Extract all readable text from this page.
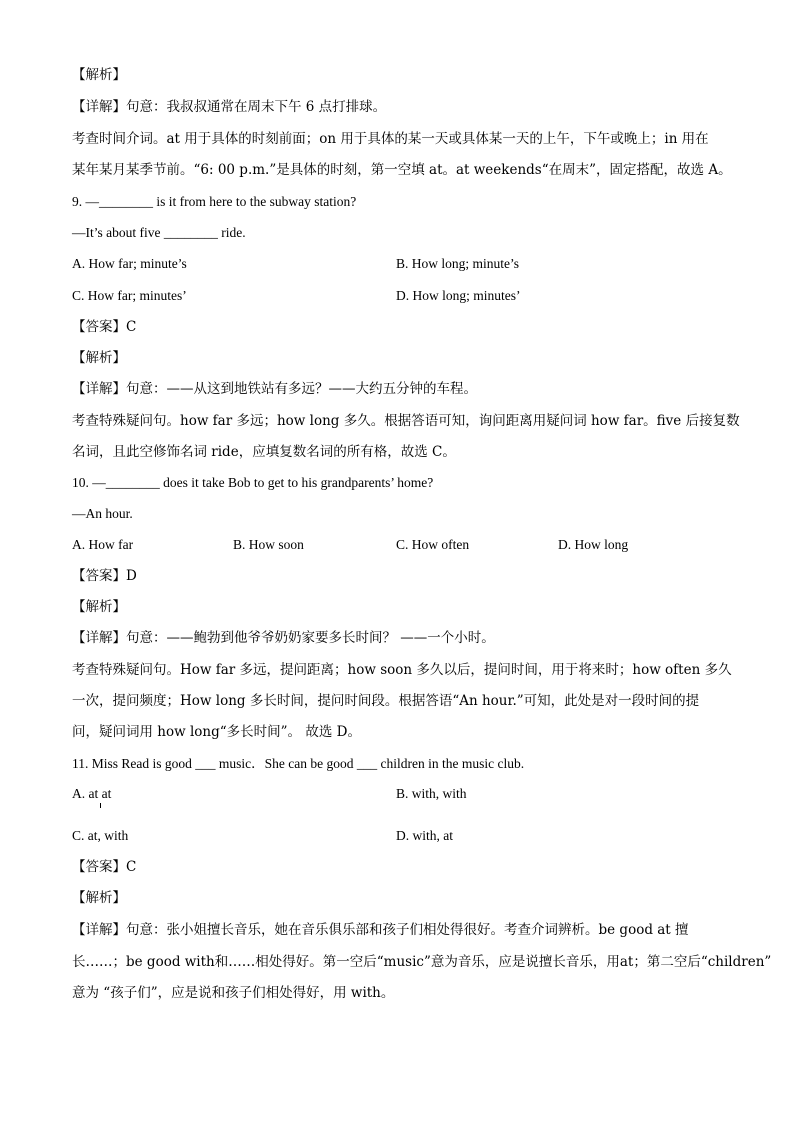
【解析】
【详解】句意：我叔叔通常在周末下午 6 点打排球。
考查时间介词。at 用于具体的时刻前面；on 用于具体的某一天或具体某一天的上午，下午或晚上；in 用在
某年某月某季节前。“6: 00 p.m.”是具体的时刻，第一空填 at。at weekends“在周末”，固定搭配，故选 A。
9. —________ is it from here to the subway station?
—It’s about five ________ ride.
A. How far; minute’s	B. How long; minute’s
C. How far; minutes’	D. How long; minutes’
【答案】C
【解析】
【详解】句意：——从这到地铁站有多远？——大约五分钟的车程。
考查特殊疑问句。how far 多远；how long 多久。根据答语可知，询问距离用疑问词 how far。five 后接复数
名词，且此空修饰名词 ride，应填复数名词的所有格，故选 C。
10. —________ does it take Bob to get to his grandparents’ home?
—An hour.
A. How far	B. How soon	C. How often	D. How long
【答案】D
【解析】
【详解】句意：——鲍勃到他爷爷奶奶家要多长时间？ ——一个小时。
考查特殊疑问句。How far 多远，提问距离；how soon 多久以后，提问时间，用于将来时；how often 多久
一次，提问频度；How long 多长时间，提问时间段。根据答语“An hour.”可知，此处是对一段时间的提
问，疑问词用 how long“多长时间”。 故选 D。
11. Miss Read is good ___ music．She can be good ___ children in the music club.
A. at at	B. with, with
C. at, with	D. with, at
【答案】C
【解析】
【详解】句意：张小姐擅长音乐，她在音乐俱乐部和孩子们相处得很好。考查介词辨析。be good at 擅
长……；be good with和……相处得好。第一空后“music”意为音乐，应是说擅长音乐，用at；第二空后“children”
意为 “孩子们”，应是说和孩子们相处得好，用 with。
